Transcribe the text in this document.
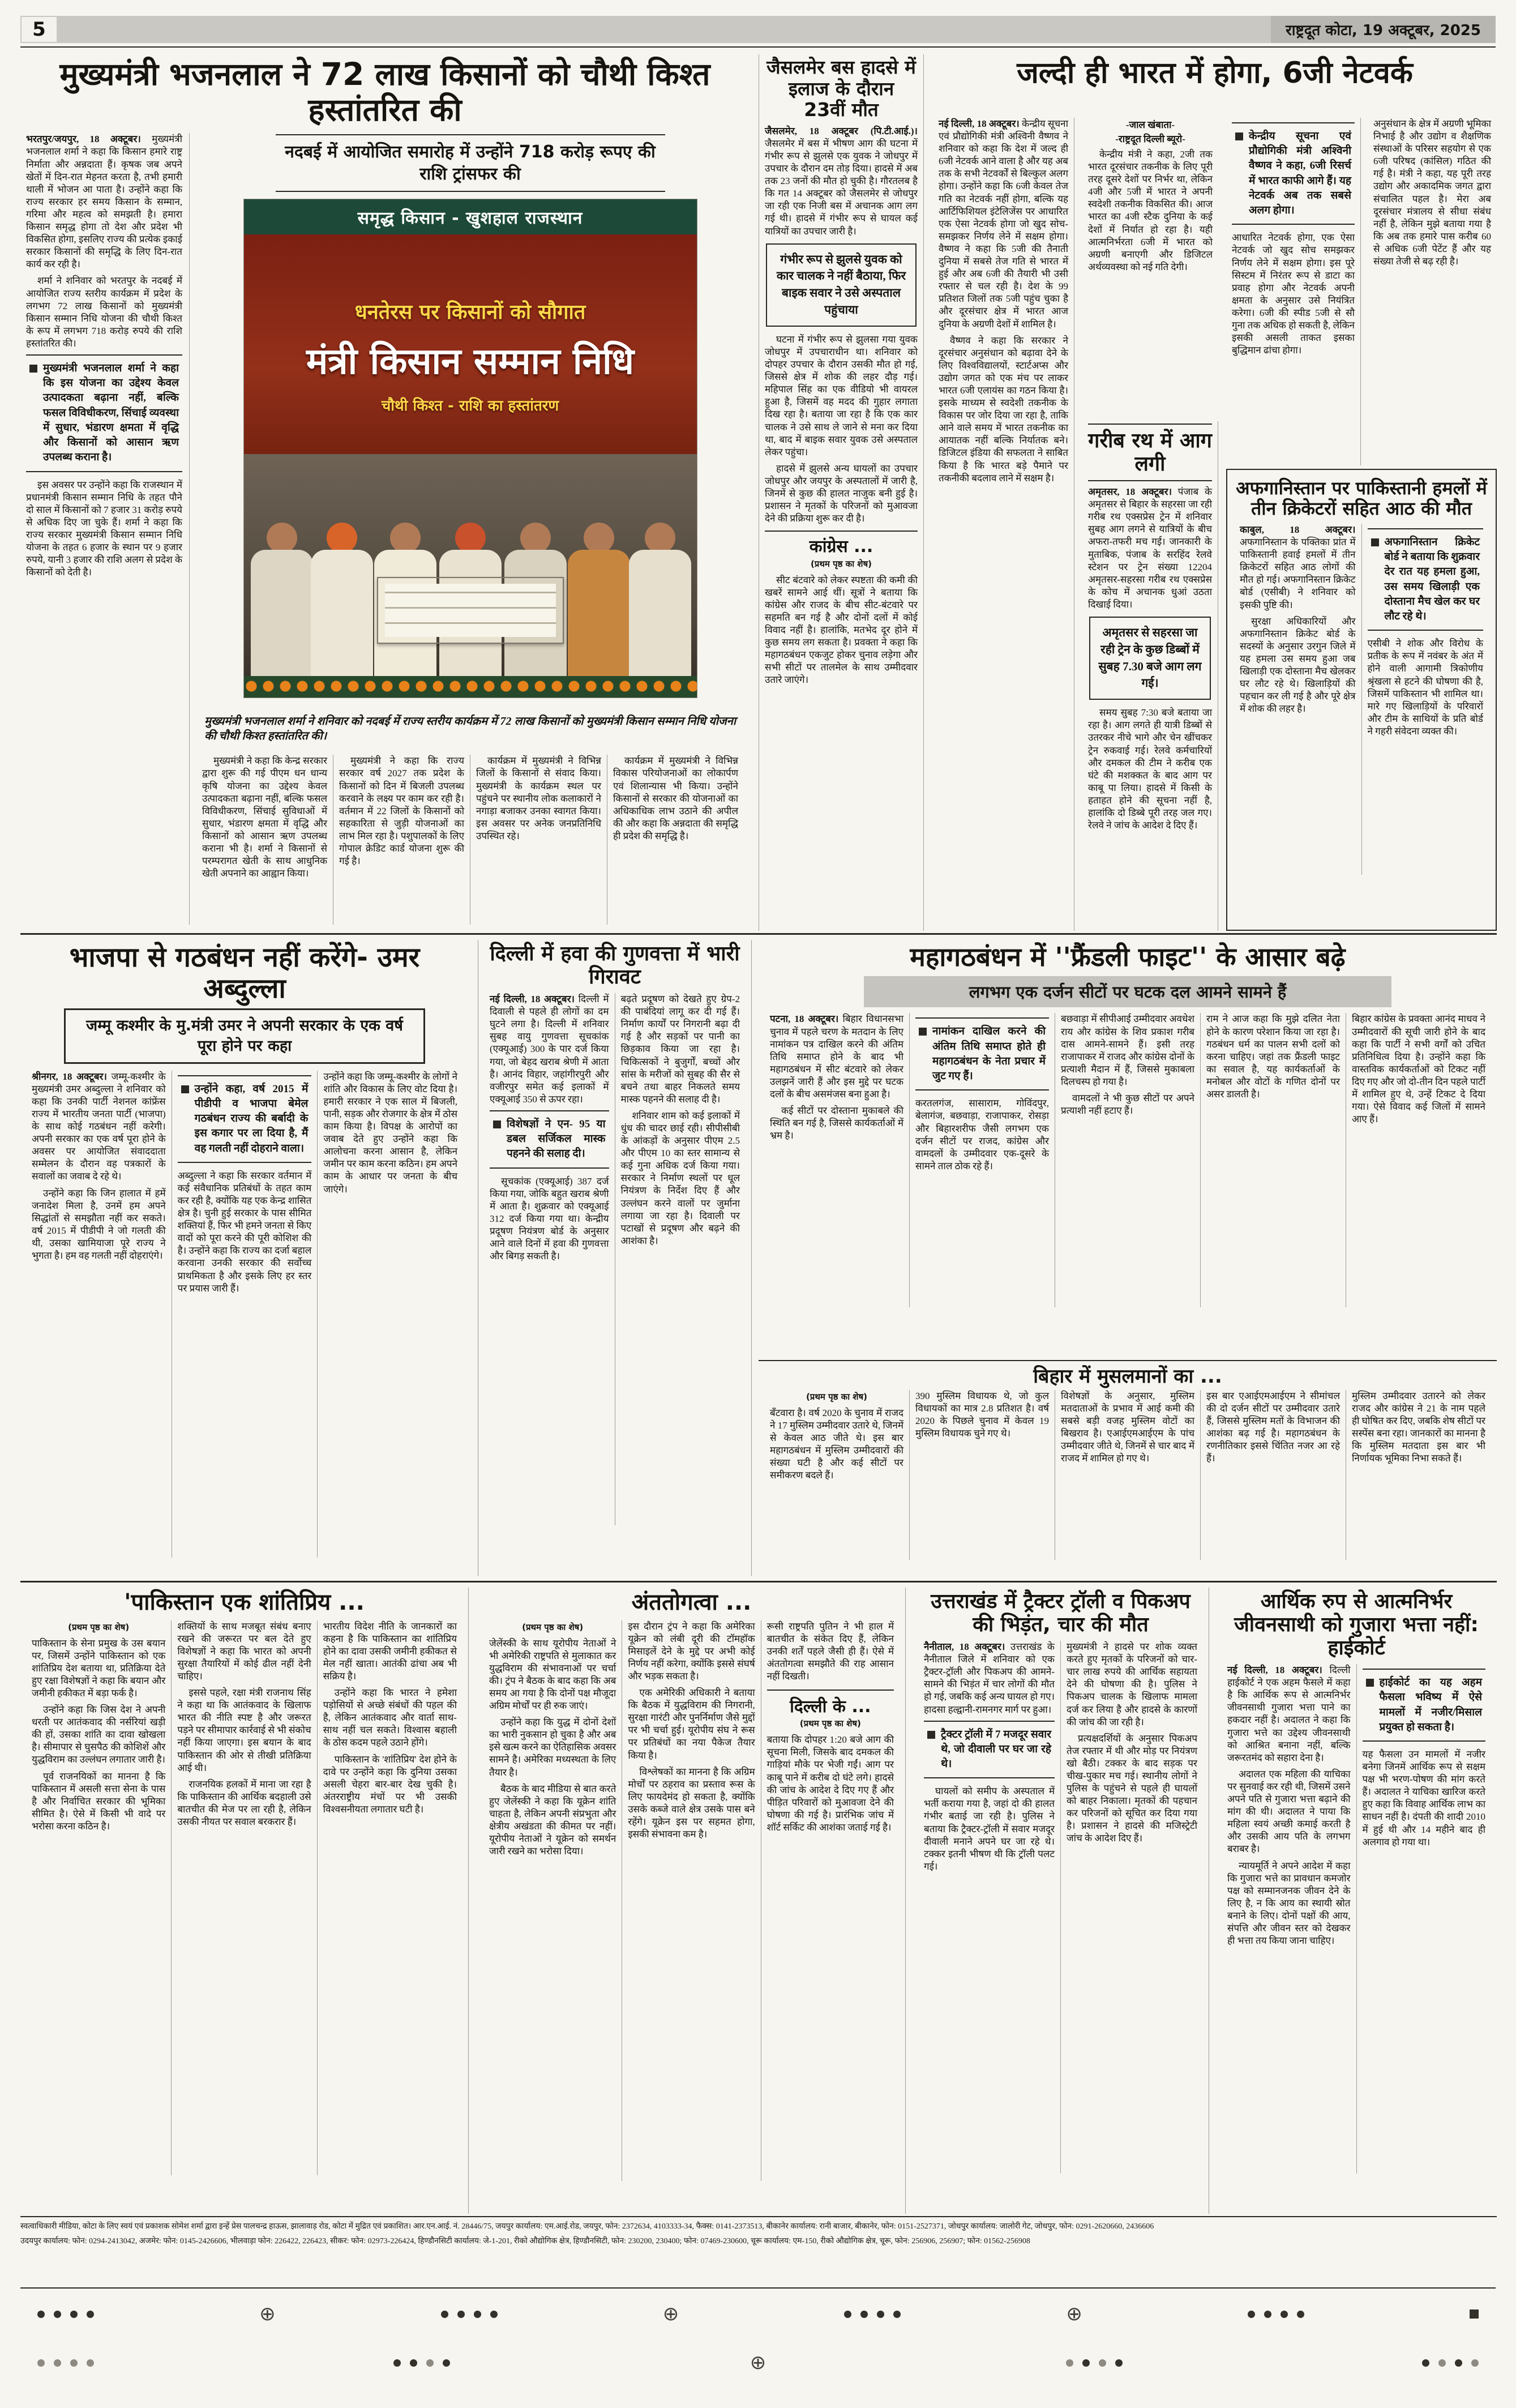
5	राष्ट्रदूत कोटा, 19 अक्टूबर, 2025
मुख्यमंत्री भजनलाल ने 72 लाख किसानों को चौथी किश्त हस्तांतरित की

भरतपुर/जयपुर, 18 अक्टूबर। मुख्यमंत्री भजनलाल शर्मा ने कहा कि किसान हमारे राष्ट्र निर्माता और अन्नदाता हैं। कृषक जब अपने खेतों में दिन-रात मेहनत करता है, तभी हमारी थाली में भोजन आ पाता है। उन्होंने कहा कि राज्य सरकार हर समय किसान के सम्मान, गरिमा और महत्व को समझती है। हमारा किसान समृद्ध होगा तो देश और प्रदेश भी विकसित होगा, इसलिए राज्य की प्रत्येक इकाई सरकार किसानों की समृद्धि के लिए दिन-रात कार्य कर रही है।

शर्मा ने शनिवार को भरतपुर के नदबई में आयोजित राज्य स्तरीय कार्यक्रम में प्रदेश के लगभग 72 लाख किसानों को मुख्यमंत्री किसान सम्मान निधि योजना की चौथी किश्त के रूप में लगभग 718 करोड़ रुपये की राशि हस्तांतरित की।

मुख्यमंत्री भजनलाल शर्मा ने कहा कि इस योजना का उद्देश्य केवल उत्पादकता बढ़ाना नहीं, बल्कि फसल विविधीकरण, सिंचाई व्यवस्था में सुधार, भंडारण क्षमता में वृद्धि और किसानों को आसान ऋण उपलब्ध कराना है।

इस अवसर पर उन्होंने कहा कि राजस्थान में प्रधानमंत्री किसान सम्मान निधि के तहत पौने दो साल में किसानों को 7 हजार 31 करोड़ रुपये से अधिक दिए जा चुके हैं। शर्मा ने कहा कि राज्य सरकार मुख्यमंत्री किसान सम्मान निधि योजना के तहत 6 हजार के स्थान पर 9 हजार रुपये, यानी 3 हजार की राशि अलग से प्रदेश के किसानों को देती है।

नदबई में आयोजित समारोह में उन्होंने 718 करोड़ रूपए की राशि ट्रांसफर की
समृद्ध किसान - खुशहाल राजस्थान
धनतेरस पर किसानों को सौगात
मंत्री किसान सम्मान निधि
चौथी किश्त - राशि का हस्तांतरण

मुख्यमंत्री भजनलाल शर्मा ने शनिवार को नदबई में राज्य स्तरीय कार्यक्रम में 72 लाख किसानों को मुख्यमंत्री किसान सम्मान निधि योजना की चौथी किश्त हस्तांतरित की।

मुख्यमंत्री ने कहा कि केन्द्र सरकार द्वारा शुरू की गई पीएम धन धान्य कृषि योजना का उद्देश्य केवल उत्पादकता बढ़ाना नहीं, बल्कि फसल विविधीकरण, सिंचाई सुविधाओं में सुधार, भंडारण क्षमता में वृद्धि और किसानों को आसान ऋण उपलब्ध कराना भी है। शर्मा ने किसानों से परम्परागत खेती के साथ आधुनिक खेती अपनाने का आह्वान किया।

मुख्यमंत्री ने कहा कि राज्य सरकार वर्ष 2027 तक प्रदेश के किसानों को दिन में बिजली उपलब्ध करवाने के लक्ष्य पर काम कर रही है। वर्तमान में 22 जिलों के किसानों को सहकारिता से जुड़ी योजनाओं का लाभ मिल रहा है। पशुपालकों के लिए गोपाल क्रेडिट कार्ड योजना शुरू की गई है।

कार्यक्रम में मुख्यमंत्री ने विभिन्न जिलों के किसानों से संवाद किया। मुख्यमंत्री के कार्यक्रम स्थल पर पहुंचने पर स्थानीय लोक कलाकारों ने नगाड़ा बजाकर उनका स्वागत किया। इस अवसर पर अनेक जनप्रतिनिधि उपस्थित रहे।

कार्यक्रम में मुख्यमंत्री ने विभिन्न विकास परियोजनाओं का लोकार्पण एवं शिलान्यास भी किया। उन्होंने किसानों से सरकार की योजनाओं का अधिकाधिक लाभ उठाने की अपील की और कहा कि अन्नदाता की समृद्धि ही प्रदेश की समृद्धि है।

जैसलमेर बस हादसे में इलाज के दौरान 23वीं मौत

जैसलमेर, 18 अक्टूबर (पि.टी.आई.)। जैसलमेर में बस में भीषण आग की घटना में गंभीर रूप से झुलसे एक युवक ने जोधपुर में उपचार के दौरान दम तोड़ दिया। हादसे में अब तक 23 जनों की मौत हो चुकी है। गौरतलब है कि गत 14 अक्टूबर को जैसलमेर से जोधपुर जा रही एक निजी बस में अचानक आग लग गई थी। हादसे में गंभीर रूप से घायल कई यात्रियों का उपचार जारी है।

गंभीर रूप से झुलसे युवक को कार चालक ने नहीं बैठाया, फिर बाइक सवार ने उसे अस्पताल पहुंचाया

घटना में गंभीर रूप से झुलसा गया युवक जोधपुर में उपचाराधीन था। शनिवार को दोपहर उपचार के दौरान उसकी मौत हो गई, जिससे क्षेत्र में शोक की लहर दौड़ गई। महिपाल सिंह का एक वीडियो भी वायरल हुआ है, जिसमें वह मदद की गुहार लगाता दिख रहा है। बताया जा रहा है कि एक कार चालक ने उसे साथ ले जाने से मना कर दिया था, बाद में बाइक सवार युवक उसे अस्पताल लेकर पहुंचा।

हादसे में झुलसे अन्य घायलों का उपचार जोधपुर और जयपुर के अस्पतालों में जारी है, जिनमें से कुछ की हालत नाजुक बनी हुई है। प्रशासन ने मृतकों के परिजनों को मुआवजा देने की प्रक्रिया शुरू कर दी है।

कांग्रेस ...
(प्रथम पृष्ठ का शेष)

सीट बंटवारे को लेकर स्पष्टता की कमी की खबरें सामने आई थीं। सूत्रों ने बताया कि कांग्रेस और राजद के बीच सीट-बंटवारे पर सहमति बन गई है और दोनों दलों में कोई विवाद नहीं है। हालांकि, मतभेद दूर होने में कुछ समय लग सकता है। प्रवक्ता ने कहा कि महागठबंधन एकजुट होकर चुनाव लड़ेगा और सभी सीटों पर तालमेल के साथ उम्मीदवार उतारे जाएंगे।

जल्दी ही भारत में होगा, 6जी नेटवर्क

नई दिल्ली, 18 अक्टूबर। केन्द्रीय सूचना एवं प्रौद्योगिकी मंत्री अश्विनी वैष्णव ने शनिवार को कहा कि देश में जल्द ही 6जी नेटवर्क आने वाला है और यह अब तक के सभी नेटवर्कों से बिल्कुल अलग होगा। उन्होंने कहा कि 6जी केवल तेज गति का नेटवर्क नहीं होगा, बल्कि यह आर्टिफिशियल इंटेलिजेंस पर आधारित एक ऐसा नेटवर्क होगा जो खुद सोच-समझकर निर्णय लेने में सक्षम होगा। वैष्णव ने कहा कि 5जी की तैनाती दुनिया में सबसे तेज गति से भारत में हुई और अब 6जी की तैयारी भी उसी रफ्तार से चल रही है। देश के 99 प्रतिशत जिलों तक 5जी पहुंच चुका है और दूरसंचार क्षेत्र में भारत आज दुनिया के अग्रणी देशों में शामिल है।

वैष्णव ने कहा कि सरकार ने दूरसंचार अनुसंधान को बढ़ावा देने के लिए विश्वविद्यालयों, स्टार्टअप्स और उद्योग जगत को एक मंच पर लाकर भारत 6जी एलायंस का गठन किया है। इसके माध्यम से स्वदेशी तकनीक के विकास पर जोर दिया जा रहा है, ताकि आने वाले समय में भारत तकनीक का आयातक नहीं बल्कि निर्यातक बने। डिजिटल इंडिया की सफलता ने साबित किया है कि भारत बड़े पैमाने पर तकनीकी बदलाव लाने में सक्षम है।

-जाल खंबाता-

-राष्ट्रदूत दिल्ली ब्यूरो-

केन्द्रीय मंत्री ने कहा, 2जी तक भारत दूरसंचार तकनीक के लिए पूरी तरह दूसरे देशों पर निर्भर था, लेकिन 4जी और 5जी में भारत ने अपनी स्वदेशी तकनीक विकसित की। आज भारत का 4जी स्टैक दुनिया के कई देशों में निर्यात हो रहा है। यही आत्मनिर्भरता 6जी में भारत को अग्रणी बनाएगी और डिजिटल अर्थव्यवस्था को नई गति देगी।

केन्द्रीय सूचना एवं प्रौद्योगिकी मंत्री अश्विनी वैष्णव ने कहा, 6जी रिसर्च में भारत काफी आगे हैं। यह नेटवर्क अब तक सबसे अलग होगा।

आधारित नेटवर्क होगा, एक ऐसा नेटवर्क जो खुद सोच समझकर निर्णय लेने में सक्षम होगा। इस पूरे सिस्टम में निरंतर रूप से डाटा का प्रवाह होगा और नेटवर्क अपनी क्षमता के अनुसार उसे नियंत्रित करेगा। 6जी की स्पीड 5जी से सौ गुना तक अधिक हो सकती है, लेकिन इसकी असली ताकत इसका बुद्धिमान ढांचा होगा।

अनुसंधान के क्षेत्र में अग्रणी भूमिका निभाई है और उद्योग व शैक्षणिक संस्थाओं के परिसर सहयोग से एक 6जी परिषद (कांसिल) गठित की गई है। मंत्री ने कहा, यह पूरी तरह उद्योग और अकादमिक जगत द्वारा संचालित पहल है। मेरा अब दूरसंचार मंत्रालय से सीधा संबंध नहीं है, लेकिन मुझे बताया गया है कि अब तक हमारे पास करीब 60 से अधिक 6जी पेटेंट हैं और यह संख्या तेजी से बढ़ रही है।

गरीब रथ में आग लगी

अमृतसर, 18 अक्टूबर। पंजाब के अमृतसर से बिहार के सहरसा जा रही गरीब रथ एक्सप्रेस ट्रेन में शनिवार सुबह आग लगने से यात्रियों के बीच अफरा-तफरी मच गई। जानकारी के मुताबिक, पंजाब के सरहिंद रेलवे स्टेशन पर ट्रेन संख्या 12204 अमृतसर-सहरसा गरीब रथ एक्सप्रेस के कोच में अचानक धुआं उठता दिखाई दिया।

अमृतसर से सहरसा जा रही ट्रेन के कुछ डिब्बों में सुबह 7.30 बजे आग लग गई।

समय सुबह 7:30 बजे बताया जा रहा है। आग लगते ही यात्री डिब्बों से उतरकर नीचे भागे और चेन खींचकर ट्रेन रुकवाई गई। रेलवे कर्मचारियों और दमकल की टीम ने करीब एक घंटे की मशक्कत के बाद आग पर काबू पा लिया। हादसे में किसी के हताहत होने की सूचना नहीं है, हालांकि दो डिब्बे पूरी तरह जल गए। रेलवे ने जांच के आदेश दे दिए हैं।

अफगानिस्तान पर पाकिस्तानी हमलों में तीन क्रिकेटरों सहित आठ की मौत

काबुल, 18 अक्टूबर। अफगानिस्तान के पक्तिका प्रांत में पाकिस्तानी हवाई हमलों में तीन क्रिकेटरों सहित आठ लोगों की मौत हो गई। अफगानिस्तान क्रिकेट बोर्ड (एसीबी) ने शनिवार को इसकी पुष्टि की।

सुरक्षा अधिकारियों और अफगानिस्तान क्रिकेट बोर्ड के सदस्यों के अनुसार उरगुन जिले में यह हमला उस समय हुआ जब खिलाड़ी एक दोस्ताना मैच खेलकर घर लौट रहे थे। खिलाड़ियों की पहचान कर ली गई है और पूरे क्षेत्र में शोक की लहर है।

अफगानिस्तान क्रिकेट बोर्ड ने बताया कि शुक्रवार देर रात यह हमला हुआ, उस समय खिलाड़ी एक दोस्ताना मैच खेल कर घर लौट रहे थे।

एसीबी ने शोक और विरोध के प्रतीक के रूप में नवंबर के अंत में होने वाली आगामी त्रिकोणीय श्रृंखला से हटने की घोषणा की है, जिसमें पाकिस्तान भी शामिल था। मारे गए खिलाड़ियों के परिवारों और टीम के साथियों के प्रति बोर्ड ने गहरी संवेदना व्यक्त की।

भाजपा से गठबंधन नहीं करेंगे- उमर अब्दुल्ला
जम्मू कश्मीर के मु.मंत्री उमर ने अपनी सरकार के एक वर्ष पूरा होने पर कहा

श्रीनगर, 18 अक्टूबर। जम्मू-कश्मीर के मुख्यमंत्री उमर अब्दुल्ला ने शनिवार को कहा कि उनकी पार्टी नेशनल कांफ्रेंस राज्य में भारतीय जनता पार्टी (भाजपा) के साथ कोई गठबंधन नहीं करेगी। अपनी सरकार का एक वर्ष पूरा होने के अवसर पर आयोजित संवाददाता सम्मेलन के दौरान वह पत्रकारों के सवालों का जवाब दे रहे थे।

उन्होंने कहा कि जिन हालात में हमें जनादेश मिला है, उनमें हम अपने सिद्धांतों से समझौता नहीं कर सकते। वर्ष 2015 में पीडीपी ने जो गलती की थी, उसका खामियाजा पूरे राज्य ने भुगता है। हम वह गलती नहीं दोहराएंगे।

उन्होंने कहा, वर्ष 2015 में पीडीपी व भाजपा बेमेल गठबंधन राज्य की बर्बादी के इस कगार पर ला दिया है, मैं वह गलती नहीं दोहराने वाला।

अब्दुल्ला ने कहा कि सरकार वर्तमान में कई संवैधानिक प्रतिबंधों के तहत काम कर रही है, क्योंकि यह एक केन्द्र शासित क्षेत्र है। चुनी हुई सरकार के पास सीमित शक्तियां हैं, फिर भी हमने जनता से किए वादों को पूरा करने की पूरी कोशिश की है। उन्होंने कहा कि राज्य का दर्जा बहाल करवाना उनकी सरकार की सर्वोच्च प्राथमिकता है और इसके लिए हर स्तर पर प्रयास जारी हैं।

उन्होंने कहा कि जम्मू-कश्मीर के लोगों ने शांति और विकास के लिए वोट दिया है। हमारी सरकार ने एक साल में बिजली, पानी, सड़क और रोजगार के क्षेत्र में ठोस काम किया है। विपक्ष के आरोपों का जवाब देते हुए उन्होंने कहा कि आलोचना करना आसान है, लेकिन जमीन पर काम करना कठिन। हम अपने काम के आधार पर जनता के बीच जाएंगे।

दिल्ली में हवा की गुणवत्ता में भारी गिरावट

नई दिल्ली, 18 अक्टूबर। दिल्ली में दिवाली से पहले ही लोगों का दम घुटने लगा है। दिल्ली में शनिवार सुबह वायु गुणवत्ता सूचकांक (एक्यूआई) 300 के पार दर्ज किया गया, जो बेहद खराब श्रेणी में आता है। आनंद विहार, जहांगीरपुरी और वजीरपुर समेत कई इलाकों में एक्यूआई 350 से ऊपर रहा।

विशेषज्ञों ने एन- 95 या डबल सर्जिकल मास्क पहनने की सलाह दी।

सूचकांक (एक्यूआई) 387 दर्ज किया गया, जोकि बहुत खराब श्रेणी में आता है। शुक्रवार को एक्यूआई 312 दर्ज किया गया था। केन्द्रीय प्रदूषण नियंत्रण बोर्ड के अनुसार आने वाले दिनों में हवा की गुणवत्ता और बिगड़ सकती है।

बढ़ते प्रदूषण को देखते हुए ग्रेप-2 की पाबंदियां लागू कर दी गई हैं। निर्माण कार्यों पर निगरानी बढ़ा दी गई है और सड़कों पर पानी का छिड़काव किया जा रहा है। चिकित्सकों ने बुजुर्गों, बच्चों और सांस के मरीजों को सुबह की सैर से बचने तथा बाहर निकलते समय मास्क पहनने की सलाह दी है।

शनिवार शाम को कई इलाकों में धुंध की चादर छाई रही। सीपीसीबी के आंकड़ों के अनुसार पीएम 2.5 और पीएम 10 का स्तर सामान्य से कई गुना अधिक दर्ज किया गया। सरकार ने निर्माण स्थलों पर धूल नियंत्रण के निर्देश दिए हैं और उल्लंघन करने वालों पर जुर्माना लगाया जा रहा है। दिवाली पर पटाखों से प्रदूषण और बढ़ने की आशंका है।

महागठबंधन में ''फ्रैंडली फाइट'' के आसार बढ़े
लगभग एक दर्जन सीटों पर घटक दल आमने सामने हैं

पटना, 18 अक्टूबर। बिहार विधानसभा चुनाव में पहले चरण के मतदान के लिए नामांकन पत्र दाखिल करने की अंतिम तिथि समाप्त होने के बाद भी महागठबंधन में सीट बंटवारे को लेकर उलझनें जारी हैं और इस मुद्दे पर घटक दलों के बीच असमंजस बना हुआ है।

कई सीटों पर दोस्ताना मुकाबले की स्थिति बन गई है, जिससे कार्यकर्ताओं में भ्रम है।

नामांकन दाखिल करने की अंतिम तिथि समाप्त होते ही महागठबंधन के नेता प्रचार में जुट गए हैं।

करतलगंज, सासाराम, गोविंदपुर, बेलागंज, बछवाड़ा, राजापाकर, रोसड़ा और बिहारशरीफ जैसी लगभग एक दर्जन सीटों पर राजद, कांग्रेस और वामदलों के उम्मीदवार एक-दूसरे के सामने ताल ठोक रहे हैं।

बछवाड़ा में सीपीआई उम्मीदवार अवधेश राय और कांग्रेस के शिव प्रकाश गरीब दास आमने-सामने हैं। इसी तरह राजापाकर में राजद और कांग्रेस दोनों के प्रत्याशी मैदान में हैं, जिससे मुकाबला दिलचस्प हो गया है।

वामदलों ने भी कुछ सीटों पर अपने प्रत्याशी नहीं हटाए हैं।

राम ने आज कहा कि मुझे दलित नेता होने के कारण परेशान किया जा रहा है। गठबंधन धर्म का पालन सभी दलों को करना चाहिए। जहां तक फ्रैंडली फाइट का सवाल है, यह कार्यकर्ताओं के मनोबल और वोटों के गणित दोनों पर असर डालती है।

बिहार कांग्रेस के प्रवक्ता आनंद माधव ने उम्मीदवारों की सूची जारी होने के बाद कहा कि पार्टी ने सभी वर्गों को उचित प्रतिनिधित्व दिया है। उन्होंने कहा कि वास्तविक कार्यकर्ताओं को टिकट नहीं दिए गए और जो दो-तीन दिन पहले पार्टी में शामिल हुए थे, उन्हें टिकट दे दिया गया। ऐसे विवाद कई जिलों में सामने आए हैं।

बिहार में मुसलमानों का ...
(प्रथम पृष्ठ का शेष)

बँटवारा है। वर्ष 2020 के चुनाव में राजद ने 17 मुस्लिम उम्मीदवार उतारे थे, जिनमें से केवल आठ जीते थे। इस बार महागठबंधन में मुस्लिम उम्मीदवारों की संख्या घटी है और कई सीटों पर समीकरण बदले हैं।

390 मुस्लिम विधायक थे, जो कुल विधायकों का मात्र 2.8 प्रतिशत है। वर्ष 2020 के पिछले चुनाव में केवल 19 मुस्लिम विधायक चुने गए थे।

विशेषज्ञों के अनुसार, मुस्लिम मतदाताओं के प्रभाव में आई कमी की सबसे बड़ी वजह मुस्लिम वोटों का बिखराव है। एआईएमआईएम के पांच उम्मीदवार जीते थे, जिनमें से चार बाद में राजद में शामिल हो गए थे।

इस बार एआईएमआईएम ने सीमांचल की दो दर्जन सीटों पर उम्मीदवार उतारे हैं, जिससे मुस्लिम मतों के विभाजन की आशंका बढ़ गई है। महागठबंधन के रणनीतिकार इससे चिंतित नजर आ रहे हैं।

मुस्लिम उम्मीदवार उतारने को लेकर राजद और कांग्रेस ने 21 के नाम पहले ही घोषित कर दिए, जबकि शेष सीटों पर सस्पेंस बना रहा। जानकारों का मानना है कि मुस्लिम मतदाता इस बार भी निर्णायक भूमिका निभा सकते हैं।

'पाकिस्तान एक शांतिप्रिय ...
(प्रथम पृष्ठ का शेष)

पाकिस्तान के सेना प्रमुख के उस बयान पर, जिसमें उन्होंने पाकिस्तान को एक शांतिप्रिय देश बताया था, प्रतिक्रिया देते हुए रक्षा विशेषज्ञों ने कहा कि बयान और जमीनी हकीकत में बड़ा फर्क है।

उन्होंने कहा कि जिस देश ने अपनी धरती पर आतंकवाद की नर्सरियां खड़ी की हों, उसका शांति का दावा खोखला है। सीमापार से घुसपैठ की कोशिशें और युद्धविराम का उल्लंघन लगातार जारी है।

पूर्व राजनयिकों का मानना है कि पाकिस्तान में असली सत्ता सेना के पास है और निर्वाचित सरकार की भूमिका सीमित है। ऐसे में किसी भी वादे पर भरोसा करना कठिन है।

शक्तियों के साथ मजबूत संबंध बनाए रखने की जरूरत पर बल देते हुए विशेषज्ञों ने कहा कि भारत को अपनी सुरक्षा तैयारियों में कोई ढील नहीं देनी चाहिए।

इससे पहले, रक्षा मंत्री राजनाथ सिंह ने कहा था कि आतंकवाद के खिलाफ भारत की नीति स्पष्ट है और जरूरत पड़ने पर सीमापार कार्रवाई से भी संकोच नहीं किया जाएगा। इस बयान के बाद पाकिस्तान की ओर से तीखी प्रतिक्रिया आई थी।

राजनयिक हलकों में माना जा रहा है कि पाकिस्तान की आर्थिक बदहाली उसे बातचीत की मेज पर ला रही है, लेकिन उसकी नीयत पर सवाल बरकरार हैं।

भारतीय विदेश नीति के जानकारों का कहना है कि पाकिस्तान का शांतिप्रिय होने का दावा उसकी जमीनी हकीकत से मेल नहीं खाता। आतंकी ढांचा अब भी सक्रिय है।

उन्होंने कहा कि भारत ने हमेशा पड़ोसियों से अच्छे संबंधों की पहल की है, लेकिन आतंकवाद और वार्ता साथ-साथ नहीं चल सकते। विश्वास बहाली के ठोस कदम पहले उठाने होंगे।

पाकिस्तान के 'शांतिप्रिय' देश होने के दावे पर उन्होंने कहा कि दुनिया उसका असली चेहरा बार-बार देख चुकी है। अंतरराष्ट्रीय मंचों पर भी उसकी विश्वसनीयता लगातार घटी है।

अंततोगत्वा ...
(प्रथम पृष्ठ का शेष)

जेलेंस्की के साथ यूरोपीय नेताओं ने भी अमेरिकी राष्ट्रपति से मुलाकात कर युद्धविराम की संभावनाओं पर चर्चा की। ट्रंप ने बैठक के बाद कहा कि अब समय आ गया है कि दोनों पक्ष मौजूदा अग्रिम मोर्चों पर ही रुक जाएं।

उन्होंने कहा कि युद्ध में दोनों देशों का भारी नुकसान हो चुका है और अब इसे खत्म करने का ऐतिहासिक अवसर सामने है। अमेरिका मध्यस्थता के लिए तैयार है।

बैठक के बाद मीडिया से बात करते हुए जेलेंस्की ने कहा कि यूक्रेन शांति चाहता है, लेकिन अपनी संप्रभुता और क्षेत्रीय अखंडता की कीमत पर नहीं। यूरोपीय नेताओं ने यूक्रेन को समर्थन जारी रखने का भरोसा दिया।

इस दौरान ट्रंप ने कहा कि अमेरिका यूक्रेन को लंबी दूरी की टॉमहॉक मिसाइलें देने के मुद्दे पर अभी कोई निर्णय नहीं करेगा, क्योंकि इससे संघर्ष और भड़क सकता है।

एक अमेरिकी अधिकारी ने बताया कि बैठक में युद्धविराम की निगरानी, सुरक्षा गारंटी और पुनर्निर्माण जैसे मुद्दों पर भी चर्चा हुई। यूरोपीय संघ ने रूस पर प्रतिबंधों का नया पैकेज तैयार किया है।

विश्लेषकों का मानना है कि अग्रिम मोर्चों पर ठहराव का प्रस्ताव रूस के लिए फायदेमंद हो सकता है, क्योंकि उसके कब्जे वाले क्षेत्र उसके पास बने रहेंगे। यूक्रेन इस पर सहमत होगा, इसकी संभावना कम है।

रूसी राष्ट्रपति पुतिन ने भी हाल में बातचीत के संकेत दिए हैं, लेकिन उनकी शर्तें पहले जैसी ही हैं। ऐसे में अंततोगत्वा समझौते की राह आसान नहीं दिखती।

दिल्ली के ...
(प्रथम पृष्ठ का शेष)

बताया कि दोपहर 1:20 बजे आग की सूचना मिली, जिसके बाद दमकल की गाड़ियां मौके पर भेजी गईं। आग पर काबू पाने में करीब दो घंटे लगे। हादसे की जांच के आदेश दे दिए गए हैं और पीड़ित परिवारों को मुआवजा देने की घोषणा की गई है। प्रारंभिक जांच में शॉर्ट सर्किट की आशंका जताई गई है।

उत्तराखंड में ट्रैक्टर ट्रॉली व पिकअप की भिड़ंत, चार की मौत

नैनीताल, 18 अक्टूबर। उत्तराखंड के नैनीताल जिले में शनिवार को एक ट्रैक्टर-ट्रॉली और पिकअप की आमने-सामने की भिड़ंत में चार लोगों की मौत हो गई, जबकि कई अन्य घायल हो गए। हादसा हल्द्वानी-रामनगर मार्ग पर हुआ।

ट्रैक्टर ट्रॉली में 7 मजदूर सवार थे, जो दीवाली पर घर जा रहे थे।

घायलों को समीप के अस्पताल में भर्ती कराया गया है, जहां दो की हालत गंभीर बताई जा रही है। पुलिस ने बताया कि ट्रैक्टर-ट्रॉली में सवार मजदूर दीवाली मनाने अपने घर जा रहे थे। टक्कर इतनी भीषण थी कि ट्रॉली पलट गई।

मुख्यमंत्री ने हादसे पर शोक व्यक्त करते हुए मृतकों के परिजनों को चार-चार लाख रुपये की आर्थिक सहायता देने की घोषणा की है। पुलिस ने पिकअप चालक के खिलाफ मामला दर्ज कर लिया है और हादसे के कारणों की जांच की जा रही है।

प्रत्यक्षदर्शियों के अनुसार पिकअप तेज रफ्तार में थी और मोड़ पर नियंत्रण खो बैठी। टक्कर के बाद सड़क पर चीख-पुकार मच गई। स्थानीय लोगों ने पुलिस के पहुंचने से पहले ही घायलों को बाहर निकाला। मृतकों की पहचान कर परिजनों को सूचित कर दिया गया है। प्रशासन ने हादसे की मजिस्ट्रेटी जांच के आदेश दिए हैं।

आर्थिक रुप से आत्मनिर्भर जीवनसाथी को गुजारा भत्ता नहीं: हाईकोर्ट

नई दिल्ली, 18 अक्टूबर। दिल्ली हाईकोर्ट ने एक अहम फैसले में कहा है कि आर्थिक रूप से आत्मनिर्भर जीवनसाथी गुजारा भत्ता पाने का हकदार नहीं है। अदालत ने कहा कि गुजारा भत्ते का उद्देश्य जीवनसाथी को आश्रित बनाना नहीं, बल्कि जरूरतमंद को सहारा देना है।

अदालत एक महिला की याचिका पर सुनवाई कर रही थी, जिसमें उसने अपने पति से गुजारा भत्ता बढ़ाने की मांग की थी। अदालत ने पाया कि महिला स्वयं अच्छी कमाई करती है और उसकी आय पति के लगभग बराबर है।

न्यायमूर्ति ने अपने आदेश में कहा कि गुजारा भत्ते का प्रावधान कमजोर पक्ष को सम्मानजनक जीवन देने के लिए है, न कि आय का स्थायी स्रोत बनाने के लिए। दोनों पक्षों की आय, संपत्ति और जीवन स्तर को देखकर ही भत्ता तय किया जाना चाहिए।

हाईकोर्ट का यह अहम फैसला भविष्य में ऐसे मामलों में नजीर/मिसाल प्रयुक्त हो सकता है।

यह फैसला उन मामलों में नजीर बनेगा जिनमें आर्थिक रूप से सक्षम पक्ष भी भरण-पोषण की मांग करते हैं। अदालत ने याचिका खारिज करते हुए कहा कि विवाह आर्थिक लाभ का साधन नहीं है। दंपती की शादी 2010 में हुई थी और 14 महीने बाद ही अलगाव हो गया था।

स्वत्वाधिकारी मीडिया, कोटा के लिए स्वयं एवं प्रकाशक सोमेश शर्मा द्वारा इन्हें प्रेस पालचन्द्र हाऊस, झालावाड़ रोड, कोटा में मुद्रित एवं प्रकाशित। आर.एन.आई. नं. 28446/75, जयपुर कार्यालय: एम.आई.रोड, जयपुर, फोन: 2372634, 4103333-34, फैक्स: 0141-2373513, बीकानेर कार्यालय: रानी बाजार, बीकानेर, फोन: 0151-2527371, जोधपुर कार्यालय: जालोरी गेट, जोधपुर, फोन: 0291-2620660, 2436606

उदयपुर कार्यालय: फोन: 0294-2413042, अजमेर: फोन: 0145-2426606, भीलवाड़ा फोन: 226422, 226423, सीकर: फोन: 02973-226424, हिण्डौनसिटी कार्यालय: जे-1-201, रीको औद्योगिक क्षेत्र, हिण्डौनसिटी, फोन: 230200, 230400; फोन: 07469-230600, चूरू कार्यालय: एम-150, रीको औद्योगिक क्षेत्र, चूरू, फोन: 256906, 256907; फोन: 01562-256908

⊕	⊕	⊕
⊕
